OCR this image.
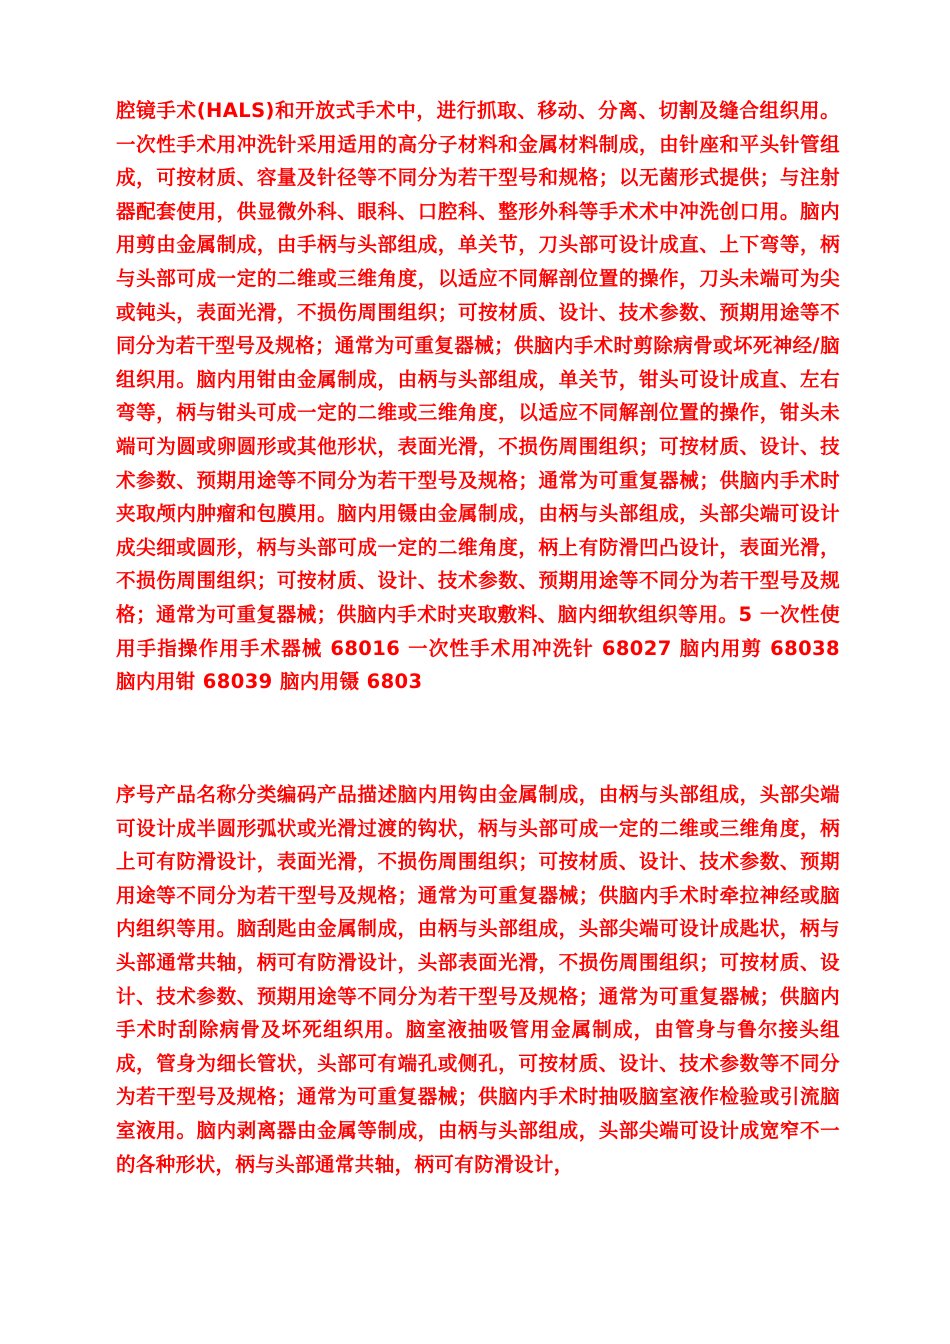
腔镜手术(HALS)和开放式手术中，进行抓取、移动、分离、切割及缝合组织用。一次性手术用冲洗针采用适用的高分子材料和金属材料制成，由针座和平头针管组成，可按材质、容量及针径等不同分为若干型号和规格；以无菌形式提供；与注射器配套使用，供显微外科、眼科、口腔科、整形外科等手术术中冲洗创口用。脑内用剪由金属制成，由手柄与头部组成，单关节，刀头部可设计成直、上下弯等，柄与头部可成一定的二维或三维角度，以适应不同解剖位置的操作，刀头未端可为尖或钝头，表面光滑，不损伤周围组织；可按材质、设计、技术参数、预期用途等不同分为若干型号及规格；通常为可重复器械；供脑内手术时剪除病骨或坏死神经/脑组织用。脑内用钳由金属制成，由柄与头部组成，单关节，钳头可设计成直、左右弯等，柄与钳头可成一定的二维或三维角度，以适应不同解剖位置的操作，钳头未端可为圆或卵圆形或其他形状，表面光滑，不损伤周围组织；可按材质、设计、技术参数、预期用途等不同分为若干型号及规格；通常为可重复器械；供脑内手术时夹取颅内肿瘤和包膜用。脑内用镊由金属制成，由柄与头部组成，头部尖端可设计成尖细或圆形，柄与头部可成一定的二维角度，柄上有防滑凹凸设计，表面光滑，不损伤周围组织；可按材质、设计、技术参数、预期用途等不同分为若干型号及规格；通常为可重复器械；供脑内手术时夹取敷料、脑内细软组织等用。5 一次性使用手指操作用手术器械 68016 一次性手术用冲洗针 68027 脑内用剪 68038 脑内用钳 68039 脑内用镊 6803

序号产品名称分类编码产品描述脑内用钩由金属制成，由柄与头部组成，头部尖端可设计成半圆形弧状或光滑过渡的钩状，柄与头部可成一定的二维或三维角度，柄上可有防滑设计，表面光滑，不损伤周围组织；可按材质、设计、技术参数、预期用途等不同分为若干型号及规格；通常为可重复器械；供脑内手术时牵拉神经或脑内组织等用。脑刮匙由金属制成，由柄与头部组成，头部尖端可设计成匙状，柄与头部通常共轴，柄可有防滑设计，头部表面光滑，不损伤周围组织；可按材质、设计、技术参数、预期用途等不同分为若干型号及规格；通常为可重复器械；供脑内手术时刮除病骨及坏死组织用。脑室液抽吸管用金属制成，由管身与鲁尔接头组成，管身为细长管状，头部可有端孔或侧孔，可按材质、设计、技术参数等不同分为若干型号及规格；通常为可重复器械；供脑内手术时抽吸脑室液作检验或引流脑室液用。脑内剥离器由金属等制成，由柄与头部组成，头部尖端可设计成宽窄不一的各种形状，柄与头部通常共轴，柄可有防滑设计，
